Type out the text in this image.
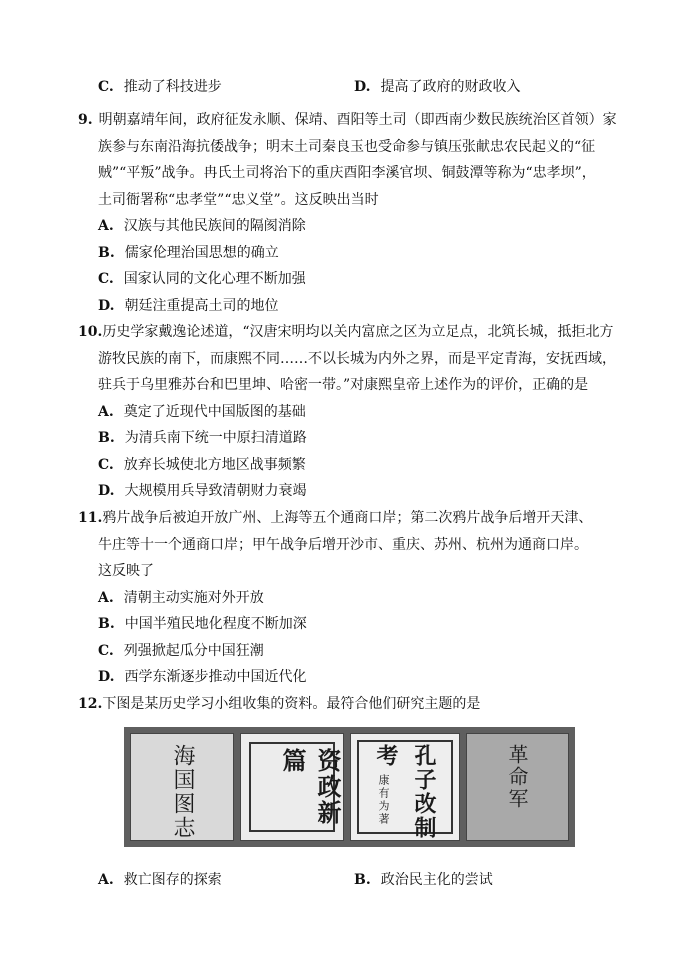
C. 推动了科技进步	D. 提高了政府的财政收入
9. 明朝嘉靖年间，政府征发永顺、保靖、酉阳等土司（即西南少数民族统治区首领）家
族参与东南沿海抗倭战争；明末土司秦良玉也受命参与镇压张献忠农民起义的“征
贼”“平叛”战争。冉氏土司将治下的重庆酉阳李溪官坝、铜鼓潭等称为“忠孝坝”，
土司衙署称“忠孝堂”“忠义堂”。这反映出当时
A. 汉族与其他民族间的隔阂消除
B. 儒家伦理治国思想的确立
C. 国家认同的文化心理不断加强
D. 朝廷注重提高土司的地位
10.历史学家戴逸论述道，“汉唐宋明均以关内富庶之区为立足点，北筑长城，抵拒北方
游牧民族的南下，而康熙不同……不以长城为内外之界，而是平定青海，安抚西域，
驻兵于乌里雅苏台和巴里坤、哈密一带。”对康熙皇帝上述作为的评价，正确的是
A. 奠定了近现代中国版图的基础
B. 为清兵南下统一中原扫清道路
C. 放弃长城使北方地区战事频繁
D. 大规模用兵导致清朝财力衰竭
11.鸦片战争后被迫开放广州、上海等五个通商口岸；第二次鸦片战争后增开天津、
牛庄等十一个通商口岸；甲午战争后增开沙市、重庆、苏州、杭州为通商口岸。
这反映了
A. 清朝主动实施对外开放
B. 中国半殖民地化程度不断加深
C. 列强掀起瓜分中国狂潮
D. 西学东渐逐步推动中国近代化
12.下图是某历史学习小组收集的资料。最符合他们研究主题的是
海国图志	资政新篇	孔子改制
考
康有为著	革命军
A. 救亡图存的探索	B. 政治民主化的尝试
